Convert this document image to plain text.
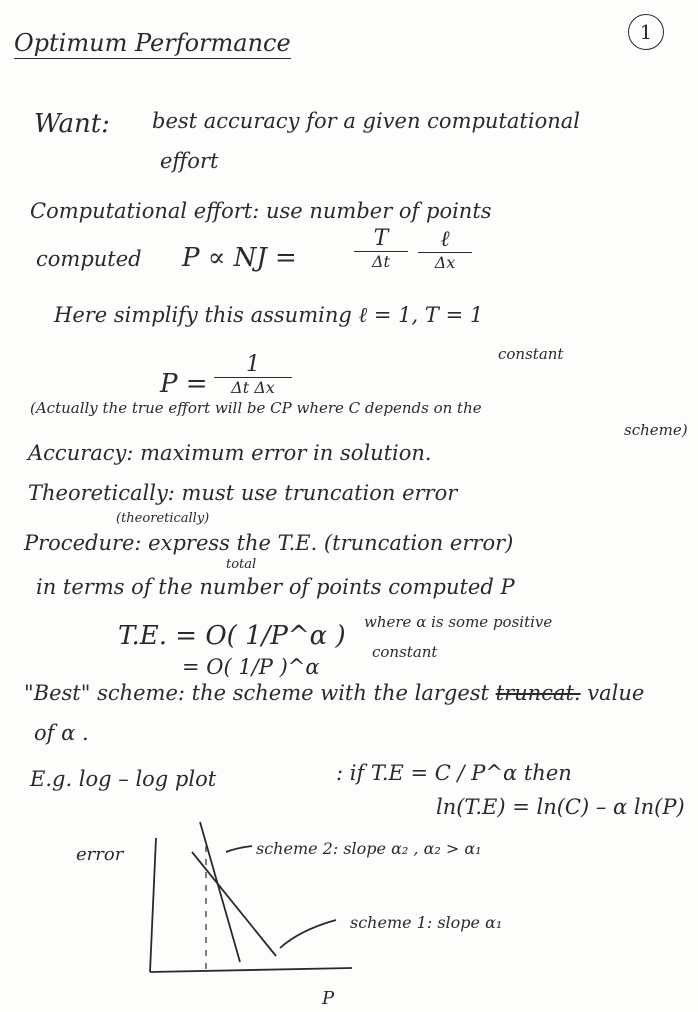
1
Optimum Performance
Want: best accuracy for a given computational
effort
Computational effort: use number of points
computed P ∝ NJ =
T
Δt
ℓ
Δx
Here simplify this assuming ℓ = 1, T = 1
constant
P =
1
Δt Δx
(Actually the true effort will be CP where C depends on the
scheme)
Accuracy: maximum error in solution.
Theoretically: must use truncation error
(theoretically)
Procedure: express the T.E. (truncation error)
total
in terms of the number of points computed P
T.E. = O( 1/P^α ) where α is some positive
= O( 1/P )^α
constant
"Best" scheme: the scheme with the largest truncat. value
of α .
E.g. log – log plot	: if T.E = C / P^α then
ln(T.E) = ln(C) – α ln(P)
error
P
scheme 2: slope α₂ , α₂ > α₁
scheme 1: slope α₁
